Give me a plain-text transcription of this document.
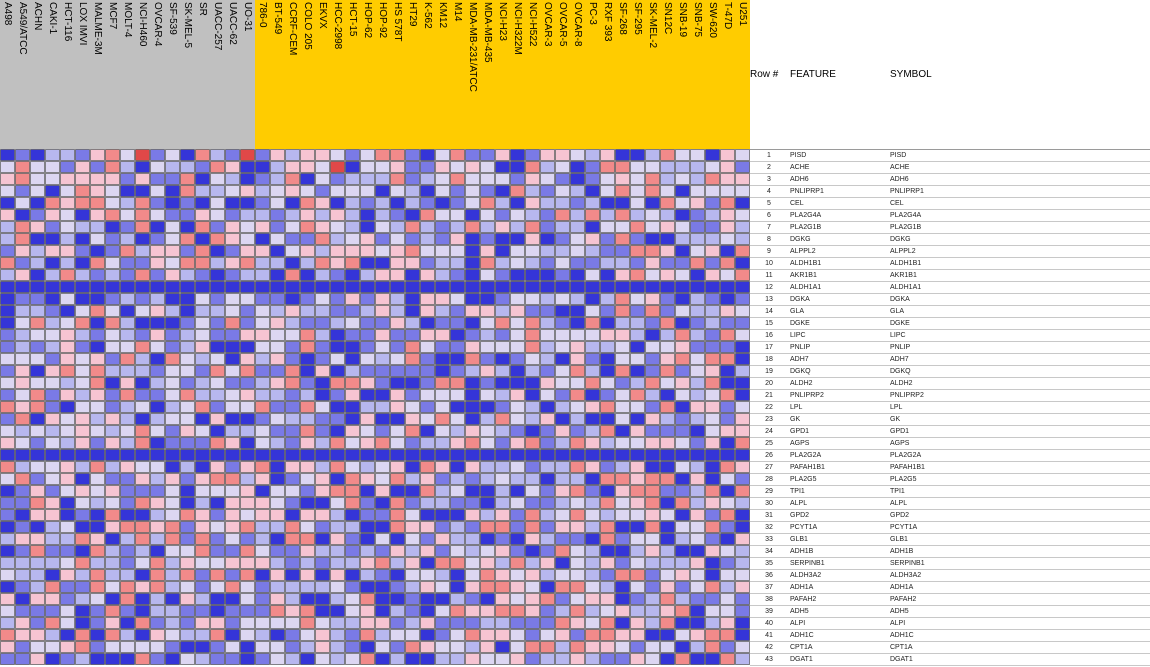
A498 A549/ATCC ACHN CAKI-1 HCT-116 LOX IMVI MALME-3M MCF7 MOLT-4 NCI-H460 OVCAR-4 SF-539 SK-MEL-5 SR UACC-257 UACC-62 UO-31 786-0 BT-549 CCRF-CEM COLO 205 EKVX HCC-2998 HCT-15 HOP-62 HOP-92 HS 578T HT29 K-562 KM12 M14 MDA-MB-231/ATCC MDA-MB-435 NCI-H23 NCI-H322M NCI-H522 OVCAR-3 OVCAR-5 OVCAR-8 PC-3 RXF 393 SF-268 SF-295 SK-MEL-2 SN12C SNB-19 SNB-75 SW-620 T-47D U251
Row # FEATURE	SYMBOL
1	PISD	PISD
2	ACHE	ACHE
3	ADH6	ADH6
4	PNLIPRP1	PNLIPRP1
5	CEL	CEL
6	PLA2G4A	PLA2G4A
7	PLA2G1B	PLA2G1B
8	DGKG	DGKG
9	ALPPL2	ALPPL2
10	ALDH1B1	ALDH1B1
11	AKR1B1	AKR1B1
12	ALDH1A1	ALDH1A1
13	DGKA	DGKA
14	GLA	GLA
15	DGKE	DGKE
16	LIPC	LIPC
17	PNLIP	PNLIP
18	ADH7	ADH7
19	DGKQ	DGKQ
20	ALDH2	ALDH2
21	PNLIPRP2	PNLIPRP2
22	LPL	LPL
23	GK	GK
24	GPD1	GPD1
25	AGPS	AGPS
26	PLA2G2A	PLA2G2A
27	PAFAH1B1	PAFAH1B1
28	PLA2G5	PLA2G5
29	TPI1	TPI1
30	ALPL	ALPL
31	GPD2	GPD2
32	PCYT1A	PCYT1A
33	GLB1	GLB1
34	ADH1B	ADH1B
35	SERPINB1	SERPINB1
36	ALDH3A2	ALDH3A2
37	ADH1A	ADH1A
38	PAFAH2	PAFAH2
39	ADH5	ADH5
40	ALPI	ALPI
41	ADH1C	ADH1C
42	CPT1A	CPT1A
43	DGAT1	DGAT1
